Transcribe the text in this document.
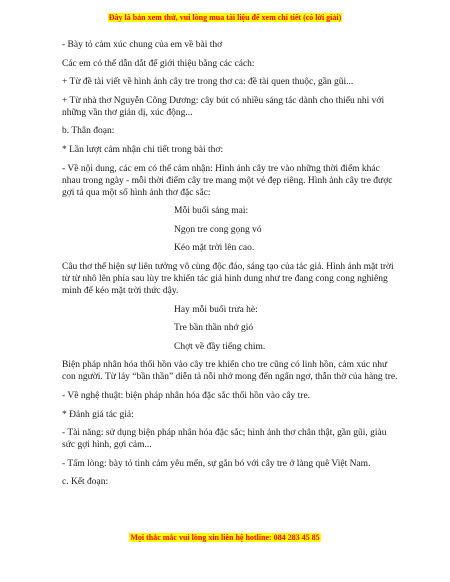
Đây là bản xem thử, vui lòng mua tài liệu để xem chi tiết (có lời giải)

- Bày tỏ cảm xúc chung của em về bài thơ

Các em có thể dẫn dắt để giới thiệu bằng các cách:

+ Từ đề tài viết về hình ảnh cây tre trong thơ ca: đề tài quen thuộc, gần gũi...

+ Từ nhà thơ Nguyễn Công Dương: cây bút có nhiều sáng tác dành cho thiếu nhi với những vần thơ giản dị, xúc động...

b. Thân đoạn:

* Lần lượt cảm nhận chi tiết trong bài thơ:

- Về nội dung, các em có thể cảm nhận: Hình ảnh cây tre vào những thời điểm khác nhau trong ngày - mỗi thời điểm cây tre mang một vẻ đẹp riêng. Hình ảnh cây tre được gợi tả qua một số hình ảnh thơ đặc sắc:

Mỗi buổi sáng mai:

Ngọn tre cong gọng vó

Kéo mặt trời lên cao.

Câu thơ thể hiện sự liên tưởng vô cùng độc đáo, sáng tạo của tác giả. Hình ảnh mặt trời từ từ nhô lên phía sau lùy tre khiến tác giả hình dung như tre đang cong cong nghiêng mình để kéo mặt trời thức dậy.

Hay mỗi buổi trưa hè:

Tre bần thần nhớ gió

Chợt về đầy tiếng chim.

Biện pháp nhân hóa thổi hồn vào cây tre khiến cho tre cũng có linh hồn, cảm xúc như con người. Từ láy “bần thần” diễn tả nỗi nhớ mong đến ngẩn ngơ, thẫn thờ của hàng tre.

- Về nghệ thuật: biện pháp nhân hóa đặc sắc thổi hồn vào cây tre.

* Đánh giá tác giả:

- Tài năng: sử dụng biện pháp nhân hóa đặc sắc; hình ảnh thơ chân thật, gần gũi, giàu sức gợi hình, gợi cảm...

- Tấm lòng: bày tỏ tình cảm yêu mến, sự gắn bó với cây tre ở làng quê Việt Nam.

c. Kết đoạn:

Mọi thắc mắc vui lòng xin liên hệ hotline: 084 283 45 85
